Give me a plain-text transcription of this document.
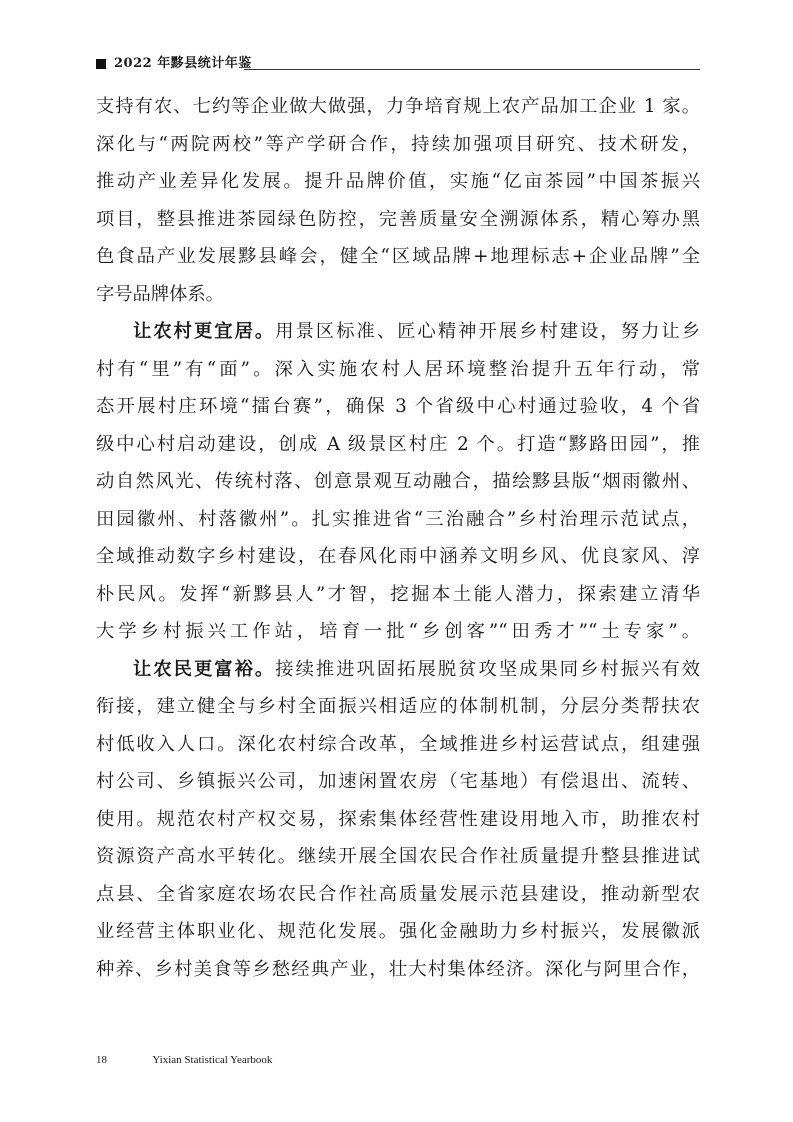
2022 年黟县统计年鉴
支持有农、七约等企业做大做强，力争培育规上农产品加工企业 1 家。
深化与“两院两校”等产学研合作，持续加强项目研究、技术研发，
推动产业差异化发展。提升品牌价值，实施“亿亩茶园”中国茶振兴
项目，整县推进茶园绿色防控，完善质量安全溯源体系，精心筹办黑
色食品产业发展黟县峰会，健全“区域品牌+地理标志+企业品牌”全
字号品牌体系。
让农村更宜居。用景区标准、匠心精神开展乡村建设，努力让乡
村有“里”有“面”。深入实施农村人居环境整治提升五年行动，常
态开展村庄环境“擂台赛”，确保 3 个省级中心村通过验收，4 个省
级中心村启动建设，创成 A 级景区村庄 2 个。打造“黟路田园”，推
动自然风光、传统村落、创意景观互动融合，描绘黟县版“烟雨徽州、
田园徽州、村落徽州”。扎实推进省“三治融合”乡村治理示范试点，
全域推动数字乡村建设，在春风化雨中涵养文明乡风、优良家风、淳
朴民风。发挥“新黟县人”才智，挖掘本土能人潜力，探索建立清华
大学乡村振兴工作站，培育一批“乡创客”“田秀才”“土专家”。
让农民更富裕。接续推进巩固拓展脱贫攻坚成果同乡村振兴有效
衔接，建立健全与乡村全面振兴相适应的体制机制，分层分类帮扶农
村低收入人口。深化农村综合改革，全域推进乡村运营试点，组建强
村公司、乡镇振兴公司，加速闲置农房（宅基地）有偿退出、流转、
使用。规范农村产权交易，探索集体经营性建设用地入市，助推农村
资源资产高水平转化。继续开展全国农民合作社质量提升整县推进试
点县、全省家庭农场农民合作社高质量发展示范县建设，推动新型农
业经营主体职业化、规范化发展。强化金融助力乡村振兴，发展徽派
种养、乡村美食等乡愁经典产业，壮大村集体经济。深化与阿里合作，
18	Yixian Statistical Yearbook
